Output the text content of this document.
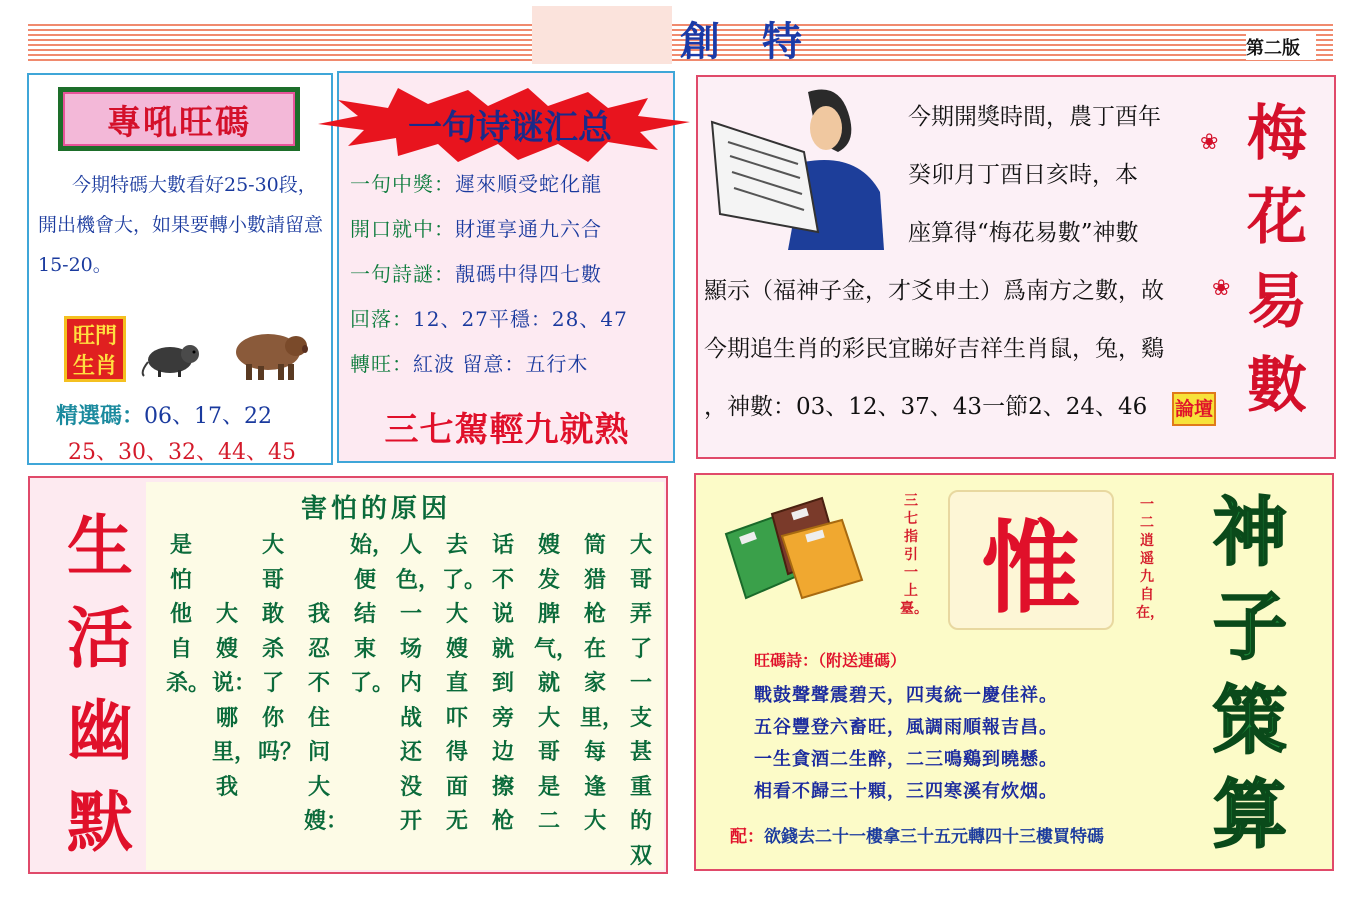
創特	第二版
專吼旺碼
今期特碼大數看好25-30段，開出機會大，如果要轉小數請留意15-20。
旺門
生肖
精選碼：06、17、22
25、30、32、44、45
一句诗谜汇总
一句中獎：遲來順受蛇化龍
開口就中：財運享通九六合
一句詩謎：靚碼中得四七數
回落：12、27平穩：28、47
轉旺：紅波 留意：五行木
三七駕輕九就熟
今期開獎時間，農丁酉年
癸卯月丁酉日亥時，本
座算得“梅花易數”神數
顯示（福神子金，才爻申土）爲南方之數，故
今期追生肖的彩民宜睇好吉祥生肖鼠，兔，鷄
，神數：03、12、37、43一節2、24、46	論壇
❀
❀
梅花易數
害怕的原因
生活幽默
大哥弄了一支甚重的双
筒猎枪在家里，每逢大
嫂发脾气，就大哥是二
话不说就到旁边擦枪
去了。大嫂直吓得面无
人色，一场内战还没开
始，便结束了。
我忍不住问大嫂：
大哥敢杀了你吗？
大嫂说：哪里，我
是怕他自杀。
三七指引一上臺。 惟
一二逍遥九自在，
神子策算
旺碼詩：（附送連碼）
戰鼓聲聲震碧天，四夷統一慶佳祥。
五谷豐登六畜旺，風調雨順報吉昌。
一生貪酒二生醉，二三鳴鷄到曉懸。
相看不歸三十顆，三四寒溪有炊烟。
配：欲錢去二十一樓拿三十五元轉四十三樓買特碼
